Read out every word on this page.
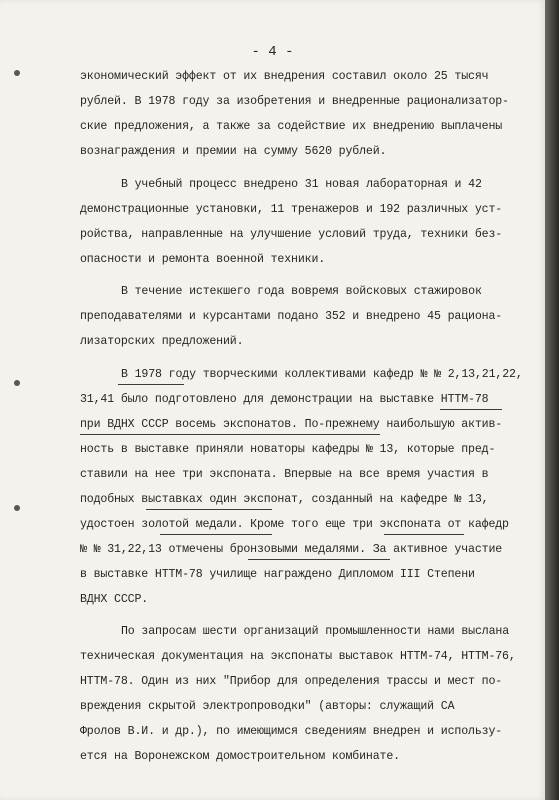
- 4 -
экономический эффект от их внедрения составил около 25 тысяч
рублей. В 1978 году за изобретения и внедренные рационализатор-
ские предложения, а также за содействие их внедрению выплачены
вознаграждения и премии на сумму 5620 рублей.
В учебный процесс внедрено 31 новая лабораторная и 42
демонстрационные установки, 11 тренажеров и 192 различных уст-
ройства, направленные на улучшение условий труда, техники без-
опасности и ремонта военной техники.
В течение истекшего года вовремя войсковых стажировок
преподавателями и курсантами подано 352 и внедрено 45 рациона-
лизаторских предложений.
В 1978 году творческими коллективами кафедр № № 2,13,21,22,
31,41 было подготовлено для демонстрации на выставке НТТМ-78
при ВДНХ СССР восемь экспонатов. По-прежнему наибольшую актив-
ность в выставке приняли новаторы кафедры № 13, которые пред-
ставили на нее три экспоната. Впервые на все время участия в
подобных выставках один экспонат, созданный на кафедре № 13,
удостоен золотой медали. Кроме того еще три экспоната от кафедр
№ № 31,22,13 отмечены бронзовыми медалями. За активное участие
в выставке НТТМ-78 училище награждено Дипломом III Степени
ВДНХ СССР.
По запросам шести организаций промышленности нами выслана
техническая документация на экспонаты выставок НТТМ-74, НТТМ-76,
НТТМ-78. Один из них "Прибор для определения трассы и мест по-
вреждения скрытой электропроводки" (авторы: служащий СА
Фролов В.И. и др.), по имеющимся сведениям внедрен и использу-
ется на Воронежском домостроительном комбинате.
